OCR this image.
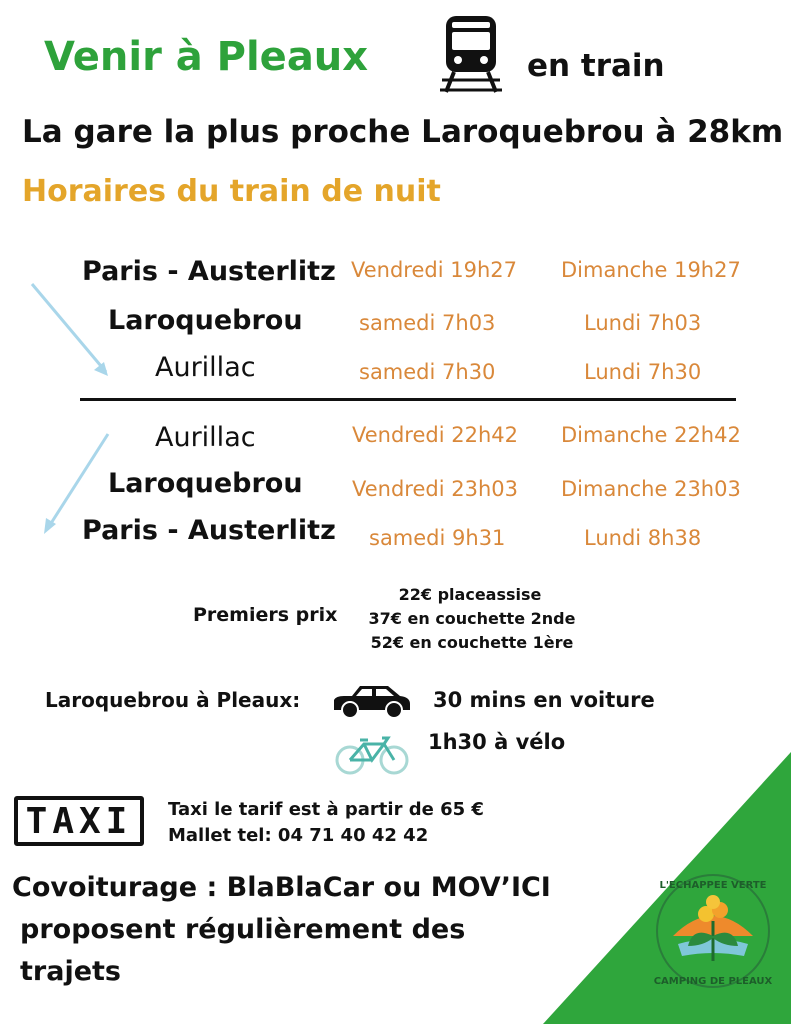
L'ECHAPPEE VERTE
CAMPING DE PLEAUX
Venir à Pleaux	en train
La gare la plus proche Laroquebrou à 28km
Horaires du train de nuit
Paris - Austerlitz Vendredi 19h27 Dimanche 19h27
Laroquebrou	samedi 7h03	Lundi 7h03
Aurillac	samedi 7h30	Lundi 7h30
Aurillac	Vendredi 22h42 Dimanche 22h42
Laroquebrou Vendredi 23h03 Dimanche 23h03
Paris - Austerlitz samedi 9h31	Lundi 8h38
Premiers prix
22€ placeassise
37€ en couchette 2nde
52€ en couchette 1ère
Laroquebrou à Pleaux:	30 mins en voiture
1h30 à vélo
TAXI	Taxi le tarif est à partir de 65 €
Mallet tel: 04 71 40 42 42
Covoiturage : BlaBlaCar ou MOV’ICI
proposent régulièrement des
trajets
